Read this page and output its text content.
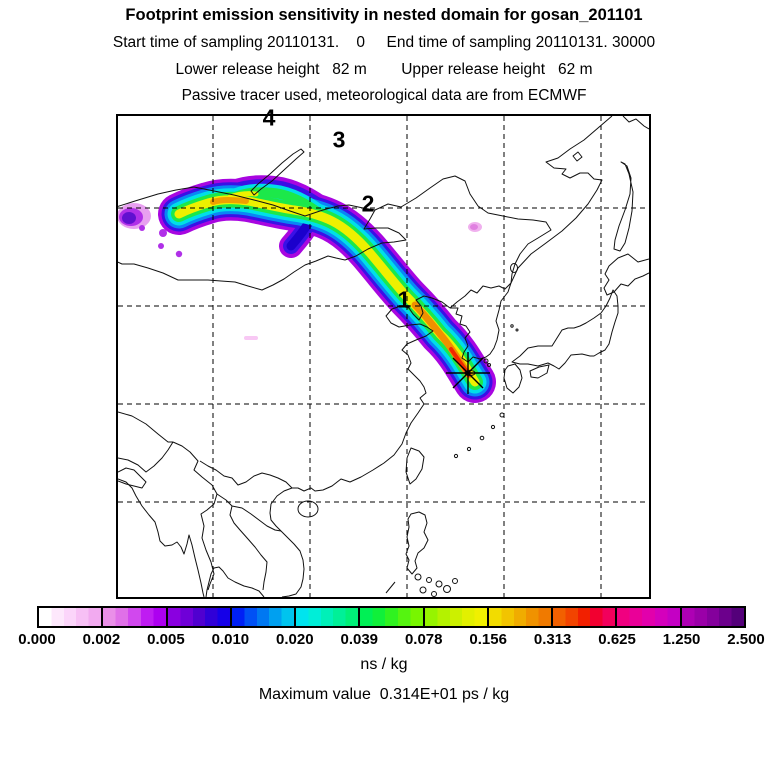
Footprint emission sensitivity in nested domain for gosan_201101
Start time of sampling 20110131.    0     End time of sampling 20110131. 30000
Lower release height   82 m        Upper release height   62 m
Passive tracer used, meteorological data are from ECMWF
1
2
3
4
0.000 0.002 0.005 0.010 0.020 0.039 0.078 0.156 0.313 0.625 1.250 2.500
ns / kg
Maximum value  0.314E+01 ps / kg
